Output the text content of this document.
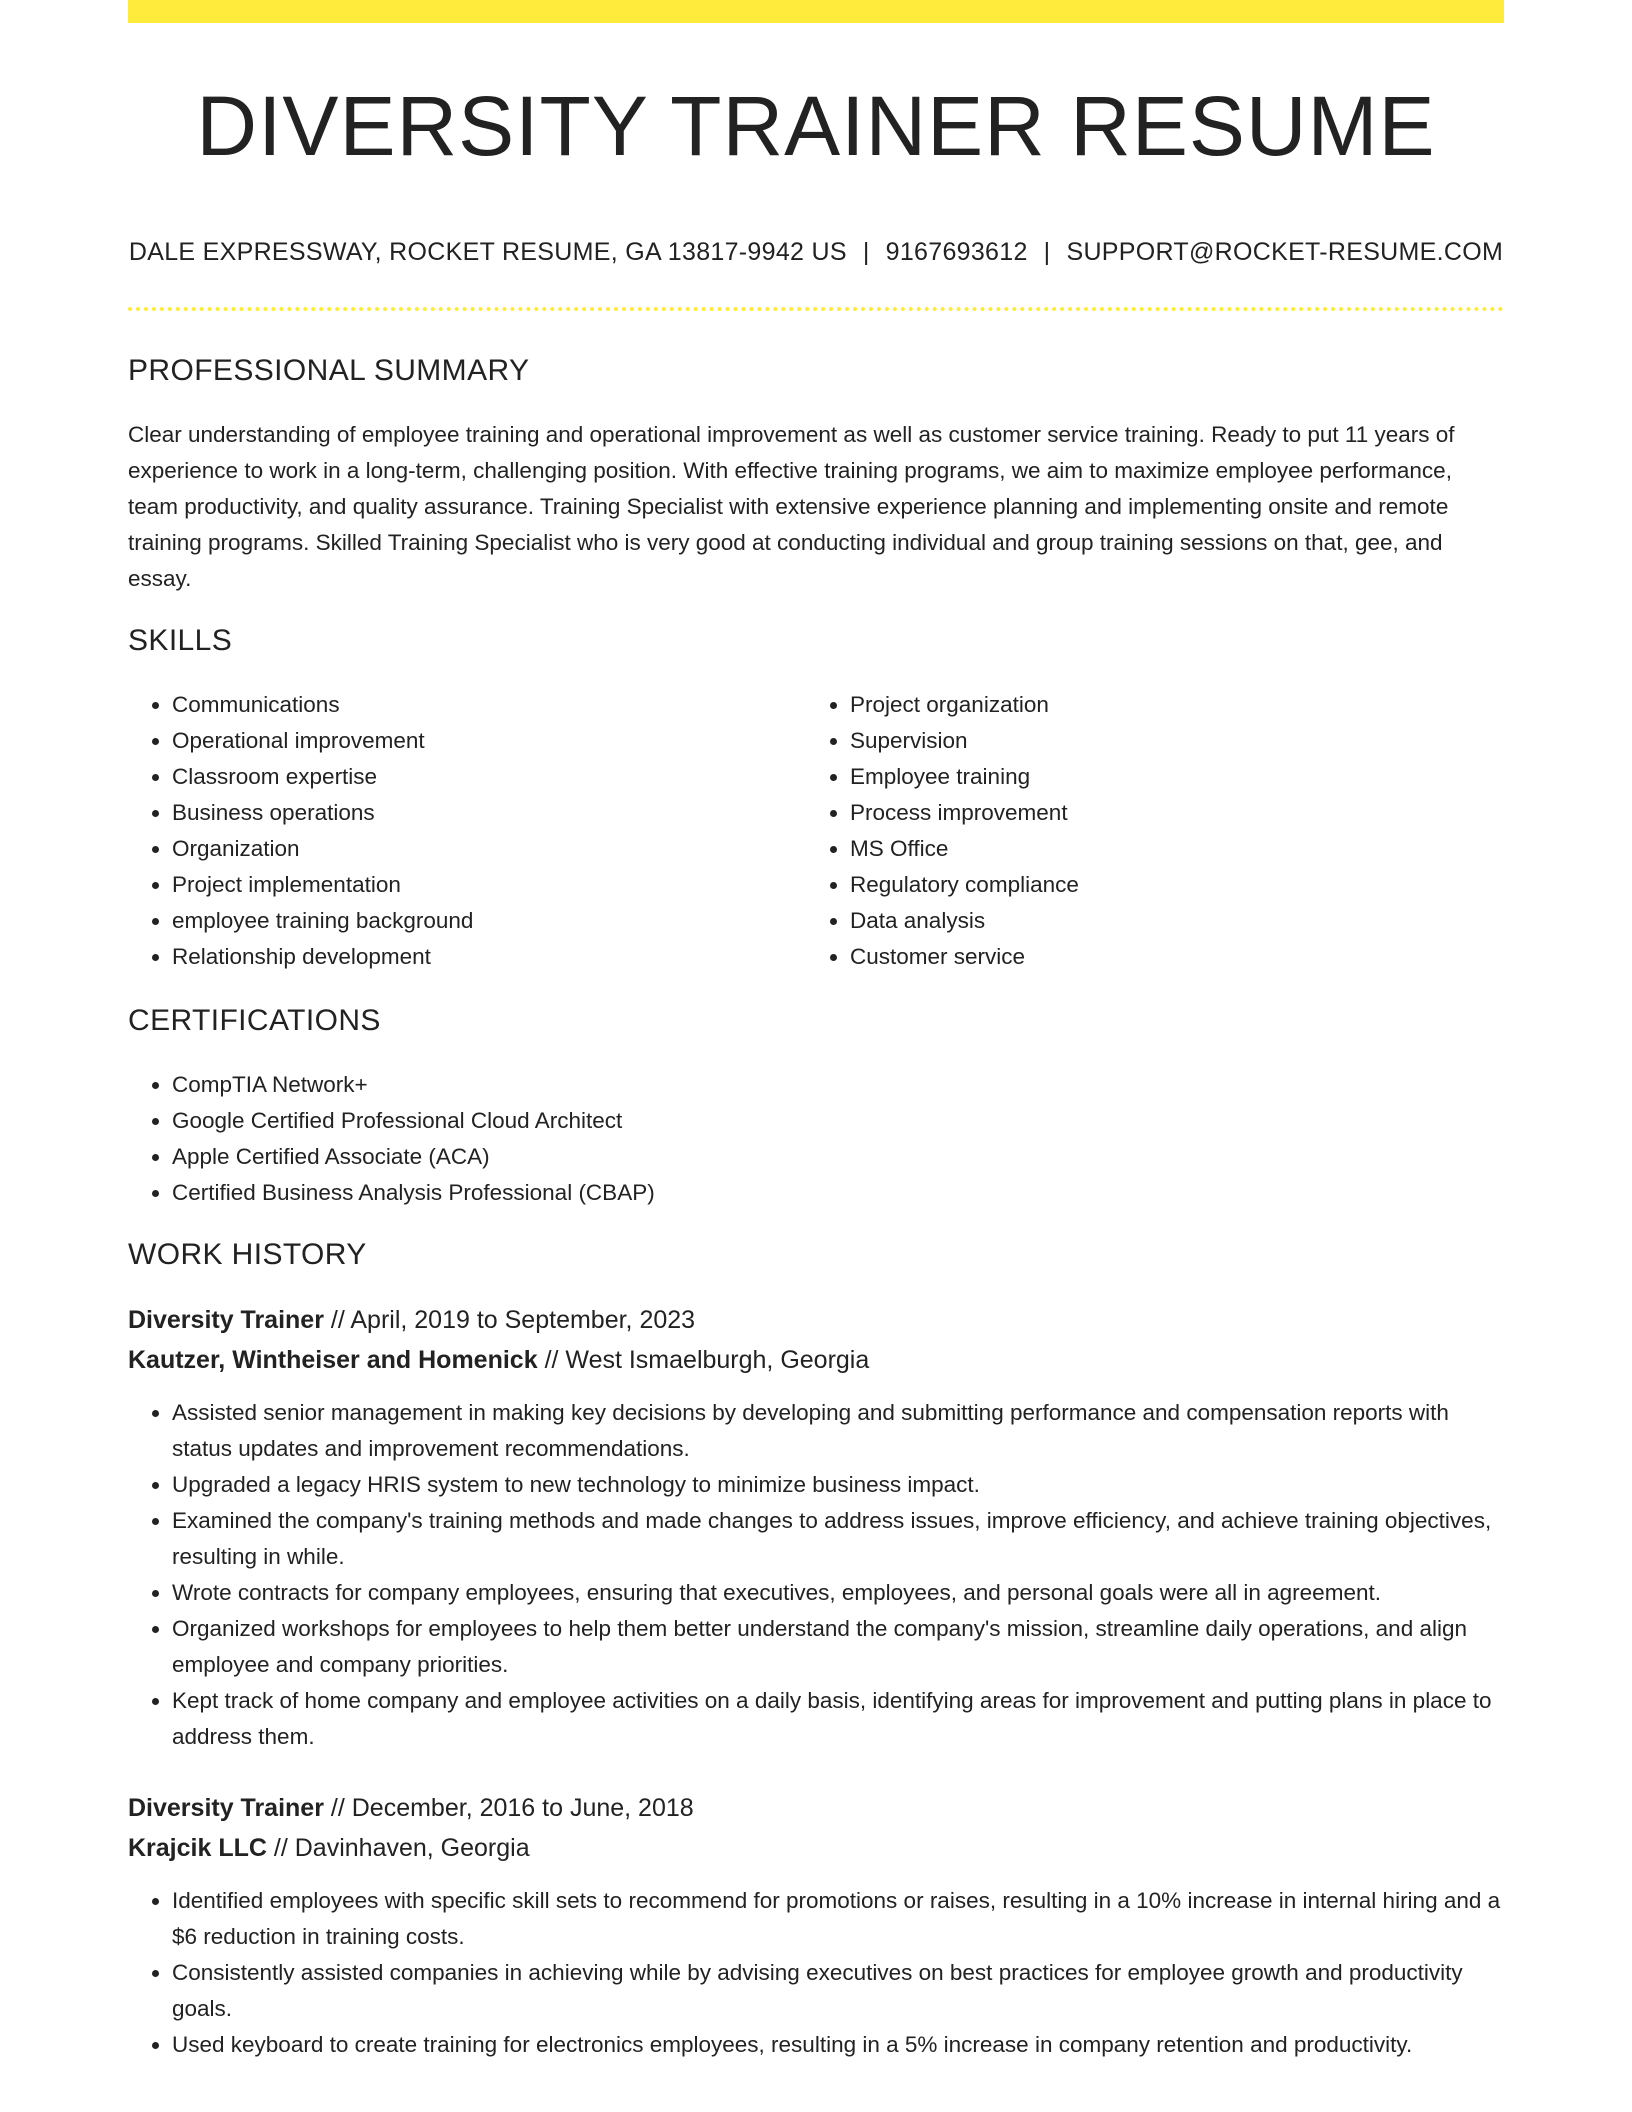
DIVERSITY TRAINER RESUME
DALE EXPRESSWAY, ROCKET RESUME, GA 13817-9942 US | 9167693612 | SUPPORT@ROCKET-RESUME.COM
PROFESSIONAL SUMMARY

Clear understanding of employee training and operational improvement as well as customer service training. Ready to put 11 years of experience to work in a long-term, challenging position. With effective training programs, we aim to maximize employee performance, team productivity, and quality assurance. Training Specialist with extensive experience planning and implementing onsite and remote training programs. Skilled Training Specialist who is very good at conducting individual and group training sessions on that, gee, and essay.

SKILLS
• Communications
• Operational improvement
• Classroom expertise
• Business operations
• Organization
• Project implementation
• employee training background
• Relationship development
• Project organization
• Supervision
• Employee training
• Process improvement
• MS Office
• Regulatory compliance
• Data analysis
• Customer service
CERTIFICATIONS
• CompTIA Network+
• Google Certified Professional Cloud Architect
• Apple Certified Associate (ACA)
• Certified Business Analysis Professional (CBAP)
WORK HISTORY
Diversity Trainer // April, 2019 to September, 2023
Kautzer, Wintheiser and Homenick // West Ismaelburgh, Georgia
• Assisted senior management in making key decisions by developing and submitting performance and compensation reports with status updates and improvement recommendations.
• Upgraded a legacy HRIS system to new technology to minimize business impact.
• Examined the company's training methods and made changes to address issues, improve efficiency, and achieve training objectives, resulting in while.
• Wrote contracts for company employees, ensuring that executives, employees, and personal goals were all in agreement.
• Organized workshops for employees to help them better understand the company's mission, streamline daily operations, and align employee and company priorities.
• Kept track of home company and employee activities on a daily basis, identifying areas for improvement and putting plans in place to address them.
Diversity Trainer // December, 2016 to June, 2018
Krajcik LLC // Davinhaven, Georgia
• Identified employees with specific skill sets to recommend for promotions or raises, resulting in a 10% increase in internal hiring and a $6 reduction in training costs.
• Consistently assisted companies in achieving while by advising executives on best practices for employee growth and productivity goals.
• Used keyboard to create training for electronics employees, resulting in a 5% increase in company retention and productivity.
